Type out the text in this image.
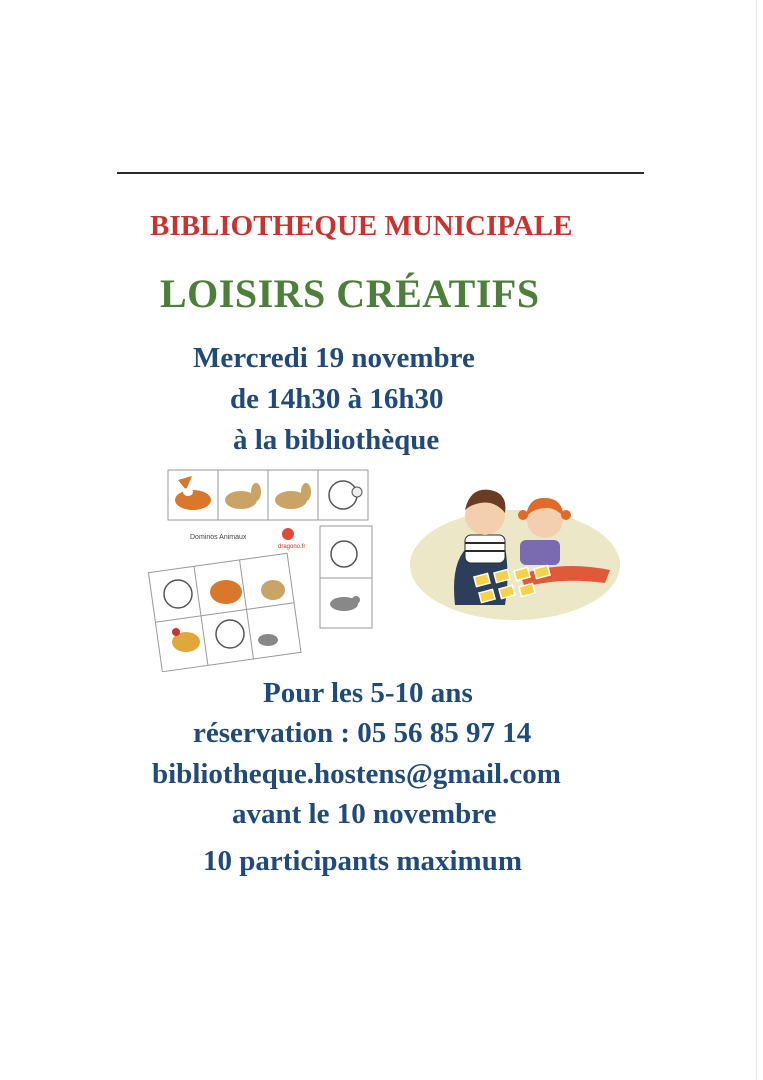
BIBLIOTHEQUE MUNICIPALE
LOISIRS CRÉATIFS
Mercredi 19 novembre
de 14h30 à 16h30
à la bibliothèque
Dominos Animaux
dragono.fr
Pour les 5-10 ans
réservation : 05 56 85 97 14
bibliotheque.hostens@gmail.com
avant le 10 novembre
10 participants maximum
